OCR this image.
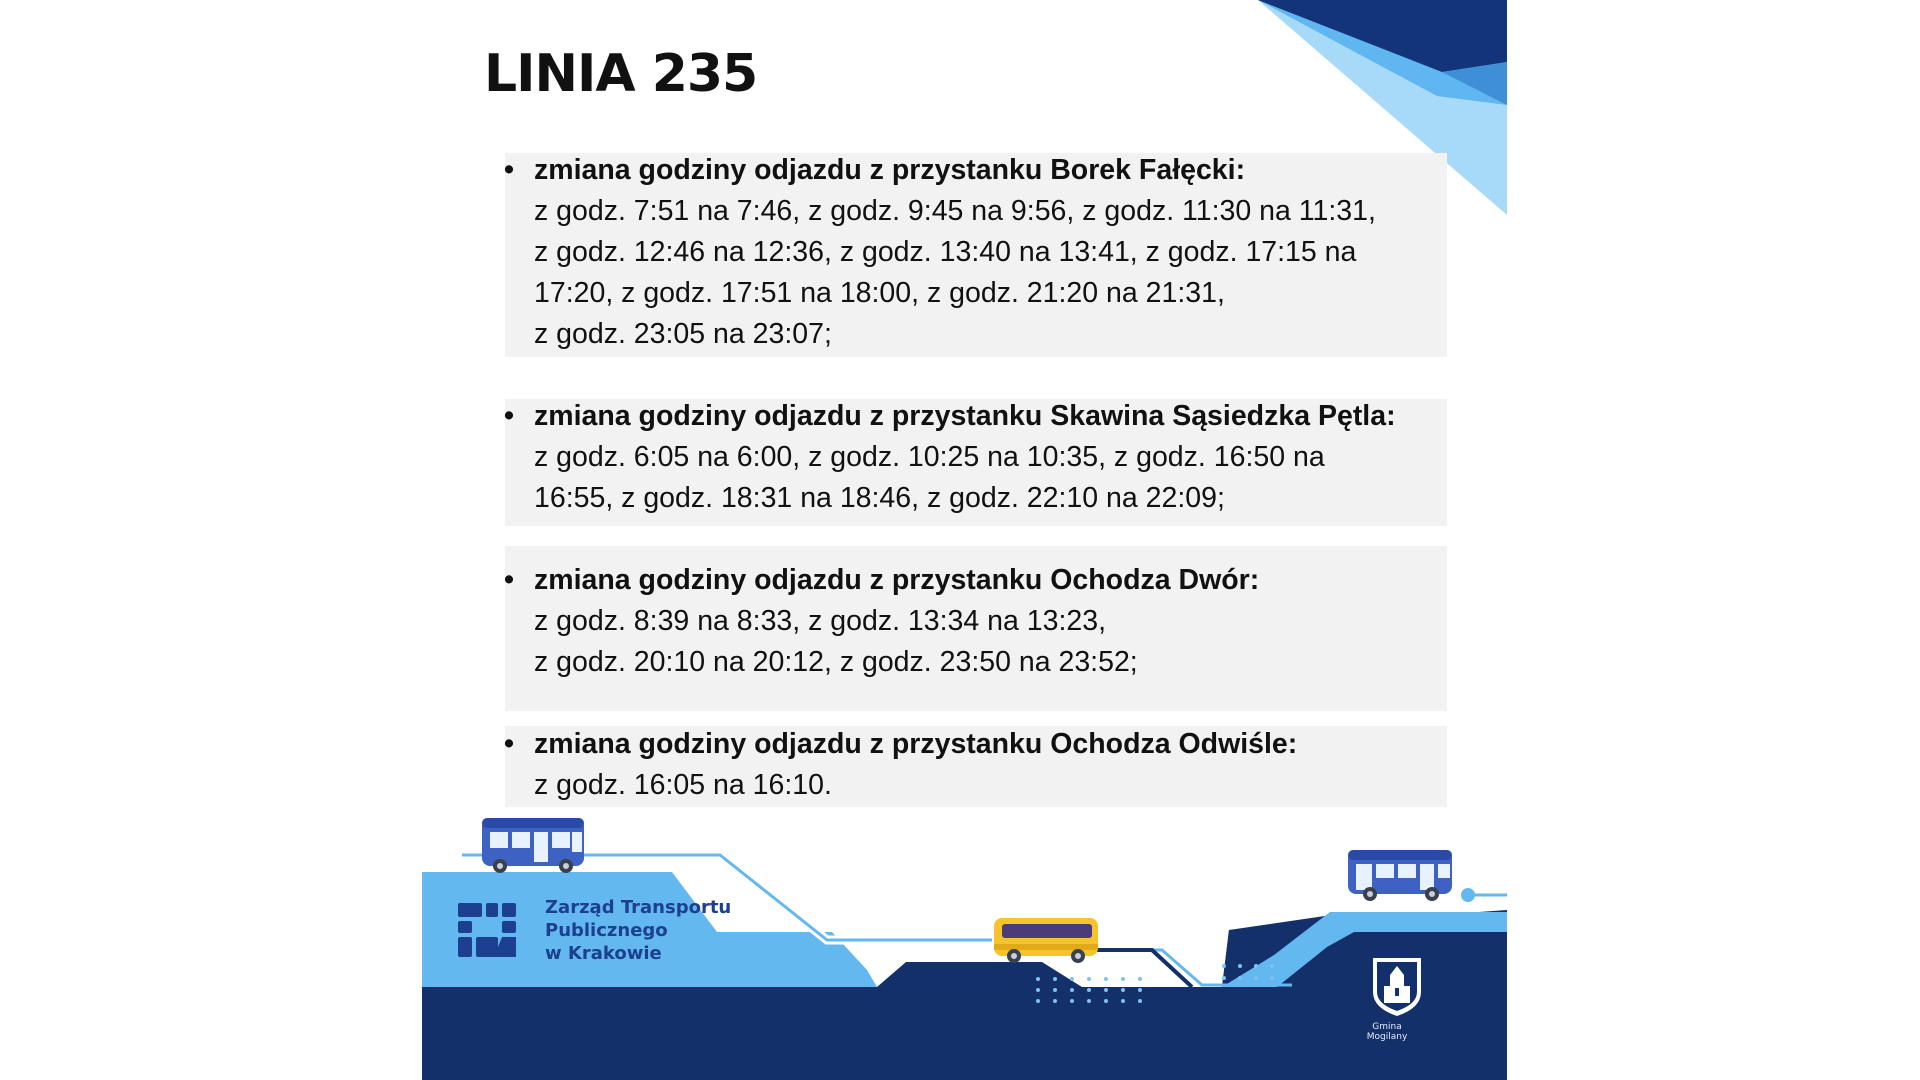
LINIA 235
• zmiana godziny odjazdu z przystanku Borek Fałęcki:
z godz. 7:51 na 7:46, z godz. 9:45 na 9:56, z godz. 11:30 na 11:31,
z godz. 12:46 na 12:36, z godz. 13:40 na 13:41, z godz. 17:15 na
17:20, z godz. 17:51 na 18:00, z godz. 21:20 na 21:31,
z godz. 23:05 na 23:07;
• zmiana godziny odjazdu z przystanku Skawina Sąsiedzka Pętla:
z godz. 6:05 na 6:00, z godz. 10:25 na 10:35, z godz. 16:50 na
16:55, z godz. 18:31 na 18:46, z godz. 22:10 na 22:09;
• zmiana godziny odjazdu z przystanku Ochodza Dwór:
z godz. 8:39 na 8:33, z godz. 13:34 na 13:23,
z godz. 20:10 na 20:12, z godz. 23:50 na 23:52;
• zmiana godziny odjazdu z przystanku Ochodza Odwiśle:
z godz. 16:05 na 16:10.
Zarząd Transportu
Publicznego
w Krakowie
Gmina
Mogilany
